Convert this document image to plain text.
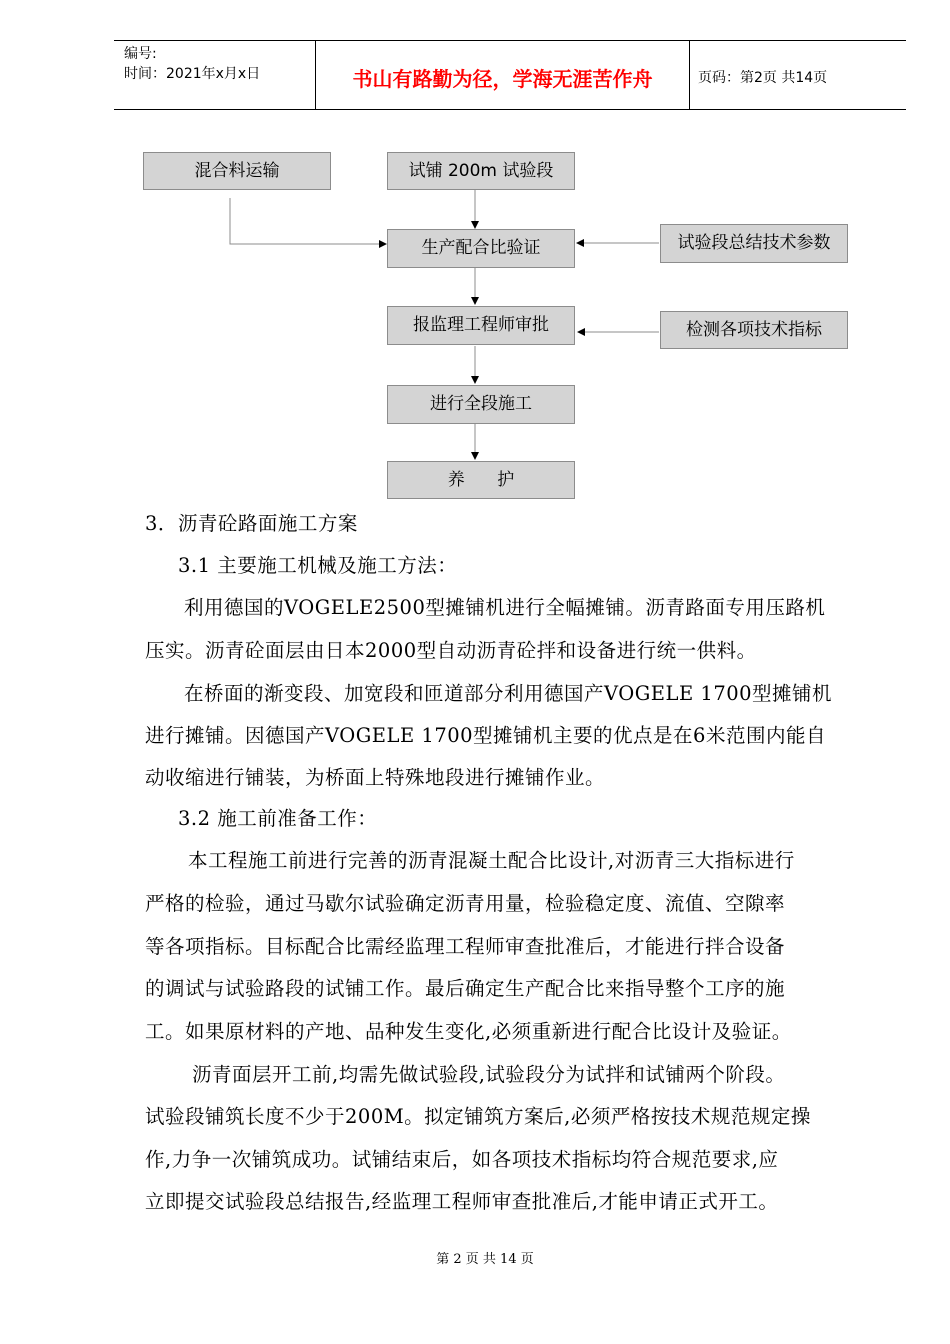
编号:
时间：2021年x月x日	书山有路勤为径，学海无涯苦作舟	页码：第2页 共14页
混合料运输	试铺 200m 试验段
生产配合比验证	试验段总结技术参数
报监理工程师审批	检测各项技术指标
进行全段施工
养      护
3．沥青砼路面施工方案
3.1 主要施工机械及施工方法：
利用德国的VOGELE2500型摊铺机进行全幅摊铺。沥青路面专用压路机
压实。沥青砼面层由日本2000型自动沥青砼拌和设备进行统一供料。
在桥面的渐变段、加宽段和匝道部分利用德国产VOGELE 1700型摊铺机
进行摊铺。因德国产VOGELE 1700型摊铺机主要的优点是在6米范围内能自
动收缩进行铺装，为桥面上特殊地段进行摊铺作业。
3.2 施工前准备工作：
本工程施工前进行完善的沥青混凝土配合比设计,对沥青三大指标进行
严格的检验，通过马歇尔试验确定沥青用量，检验稳定度、流值、空隙率
等各项指标。目标配合比需经监理工程师审查批准后，才能进行拌合设备
的调试与试验路段的试铺工作。最后确定生产配合比来指导整个工序的施
工。如果原材料的产地、品种发生变化,必须重新进行配合比设计及验证。
沥青面层开工前,均需先做试验段,试验段分为试拌和试铺两个阶段。
试验段铺筑长度不少于200M。拟定铺筑方案后,必须严格按技术规范规定操
作,力争一次铺筑成功。试铺结束后，如各项技术指标均符合规范要求,应
立即提交试验段总结报告,经监理工程师审查批准后,才能申请正式开工。
第 2 页 共 14 页
